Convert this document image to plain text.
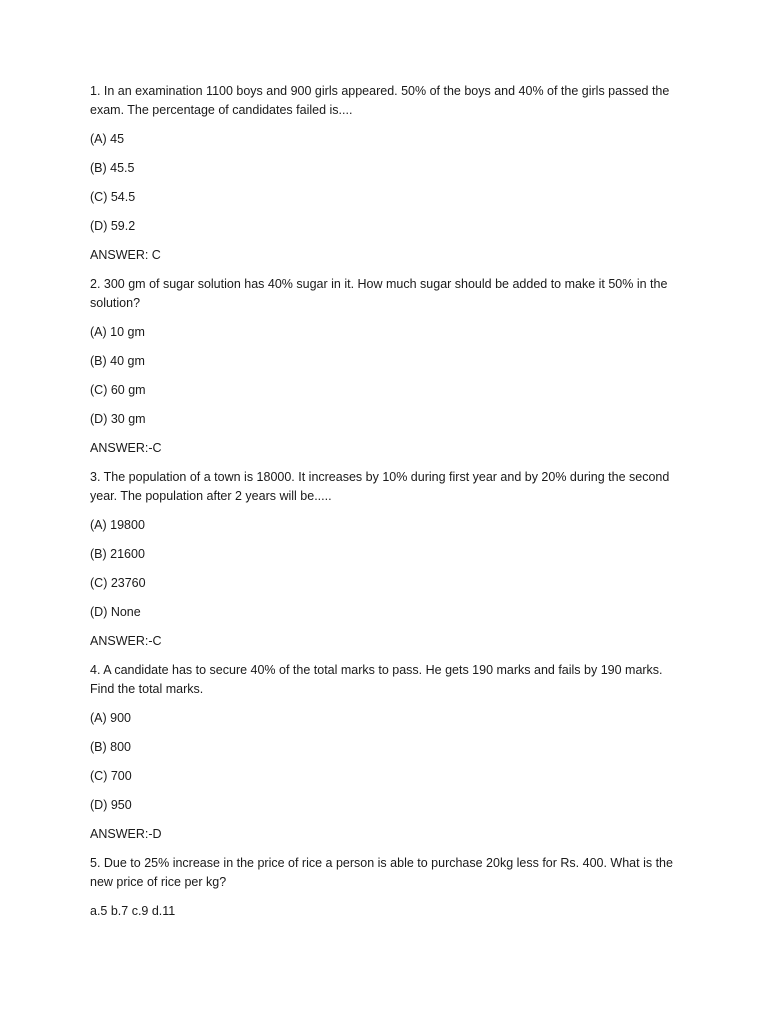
1. In an examination 1100 boys and 900 girls appeared. 50% of the boys and 40% of the girls passed the exam. The percentage of candidates failed is....

(A) 45

(B) 45.5

(C) 54.5

(D) 59.2

ANSWER: C

2. 300 gm of sugar solution has 40% sugar in it. How much sugar should be added to make it 50% in the solution?

(A) 10 gm

(B) 40 gm

(C) 60 gm

(D) 30 gm

ANSWER:-C

3. The population of a town is 18000. It increases by 10% during first year and by 20% during the second year. The population after 2 years will be.....

(A) 19800

(B) 21600

(C) 23760

(D) None

ANSWER:-C

4. A candidate has to secure 40% of the total marks to pass. He gets 190 marks and fails by 190 marks. Find the total marks.

(A) 900

(B) 800

(C) 700

(D) 950

ANSWER:-D

5. Due to 25% increase in the price of rice a person is able to purchase 20kg less for Rs. 400. What is the new price of rice per kg?

a.5 b.7 c.9 d.11
